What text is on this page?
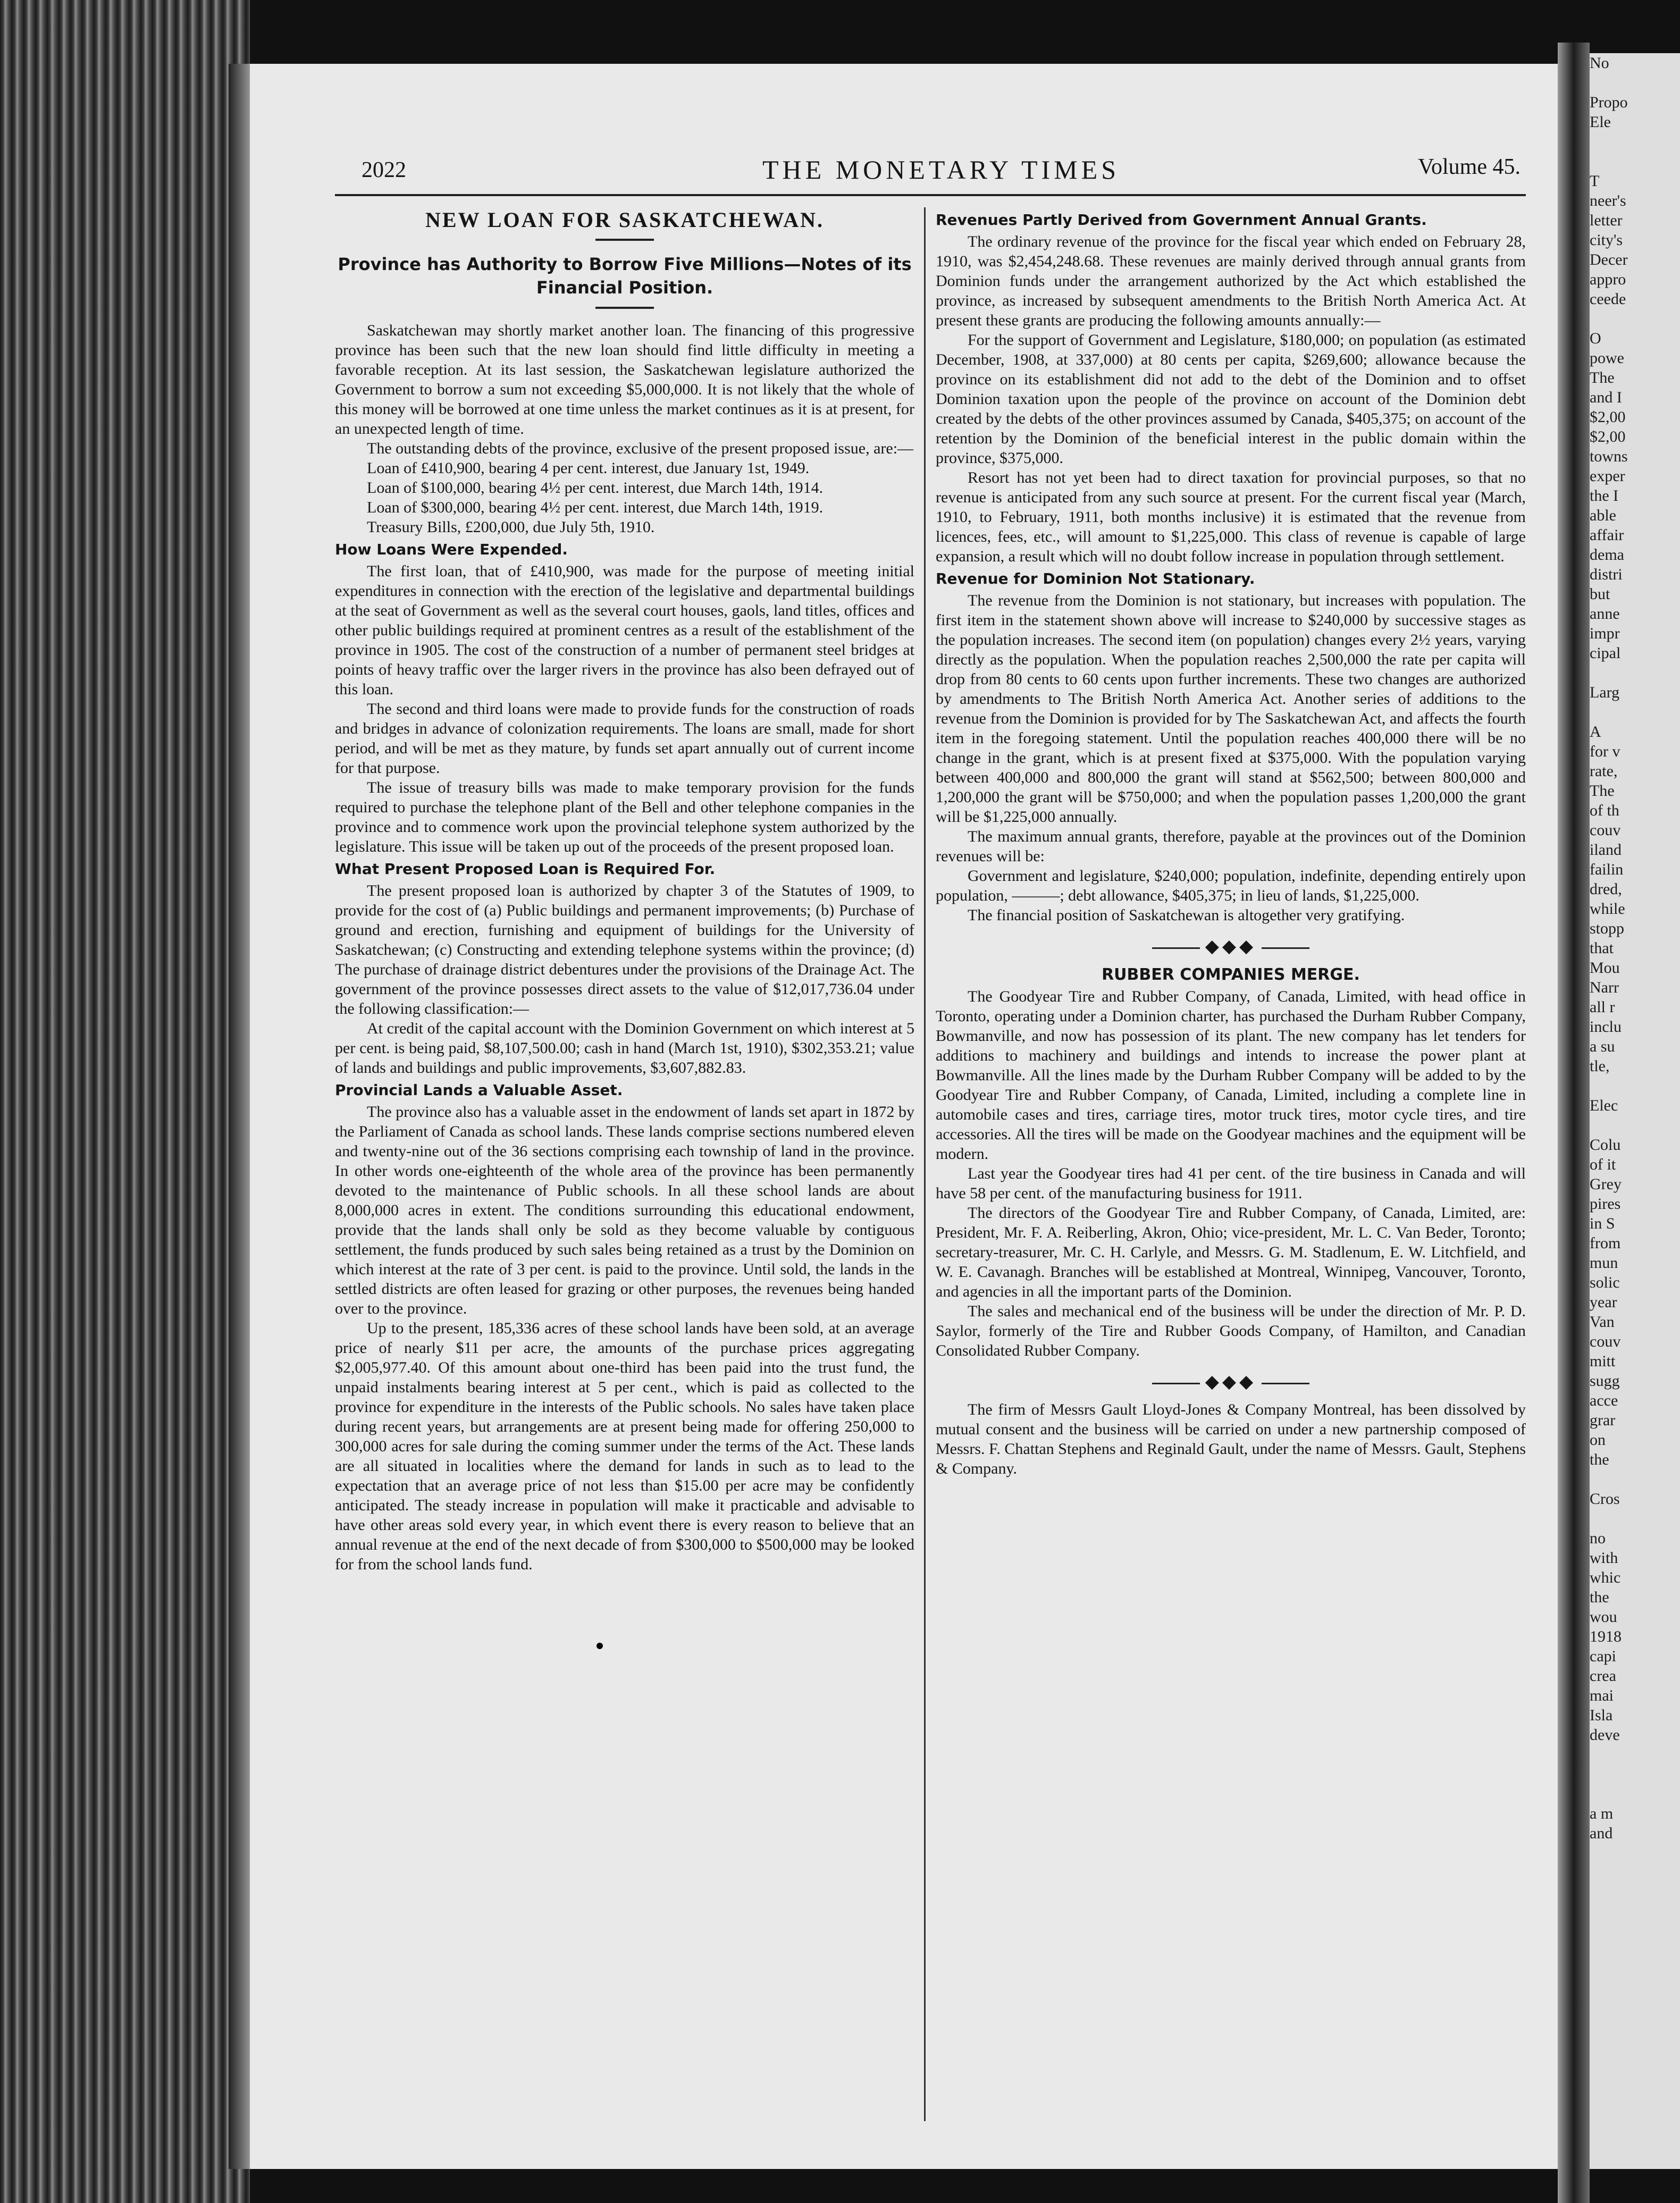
2022	THE MONETARY TIMES	Volume 45.
NEW LOAN FOR SASKATCHEWAN.
Province has Authority to Borrow Five Millions—Notes of its Financial Position.

Saskatchewan may shortly market another loan. The financing of this progressive province has been such that the new loan should find little difficulty in meeting a favorable reception. At its last session, the Saskatchewan legislature authorized the Government to borrow a sum not exceeding $5,000,000. It is not likely that the whole of this money will be borrowed at one time unless the market continues as it is at present, for an unexpected length of time.

The outstanding debts of the province, exclusive of the present proposed issue, are:—

Loan of £410,900, bearing 4 per cent. interest, due January 1st, 1949.

Loan of $100,000, bearing 4½ per cent. interest, due March 14th, 1914.

Loan of $300,000, bearing 4½ per cent. interest, due March 14th, 1919.

Treasury Bills, £200,000, due July 5th, 1910.

How Loans Were Expended.

The first loan, that of £410,900, was made for the purpose of meeting initial expenditures in connection with the erection of the legislative and departmental buildings at the seat of Government as well as the several court houses, gaols, land titles, offices and other public buildings required at prominent centres as a result of the establishment of the province in 1905. The cost of the construction of a number of permanent steel bridges at points of heavy traffic over the larger rivers in the province has also been defrayed out of this loan.

The second and third loans were made to provide funds for the construction of roads and bridges in advance of colonization requirements. The loans are small, made for short period, and will be met as they mature, by funds set apart annually out of current income for that purpose.

The issue of treasury bills was made to make temporary provision for the funds required to purchase the telephone plant of the Bell and other telephone companies in the province and to commence work upon the provincial telephone system authorized by the legislature. This issue will be taken up out of the proceeds of the present proposed loan.

What Present Proposed Loan is Required For.

The present proposed loan is authorized by chapter 3 of the Statutes of 1909, to provide for the cost of (a) Public buildings and permanent improvements; (b) Purchase of ground and erection, furnishing and equipment of buildings for the University of Saskatchewan; (c) Constructing and extending telephone systems within the province; (d) The purchase of drainage district debentures under the provisions of the Drainage Act. The government of the province possesses direct assets to the value of $12,017,736.04 under the following classification:—

At credit of the capital account with the Dominion Government on which interest at 5 per cent. is being paid, $8,107,500.00; cash in hand (March 1st, 1910), $302,353.21; value of lands and buildings and public improvements, $3,607,882.83.

Provincial Lands a Valuable Asset.

The province also has a valuable asset in the endowment of lands set apart in 1872 by the Parliament of Canada as school lands. These lands comprise sections numbered eleven and twenty-nine out of the 36 sections comprising each township of land in the province. In other words one-eighteenth of the whole area of the province has been permanently devoted to the maintenance of Public schools. In all these school lands are about 8,000,000 acres in extent. The conditions surrounding this educational endowment, provide that the lands shall only be sold as they become valuable by contiguous settlement, the funds produced by such sales being retained as a trust by the Dominion on which interest at the rate of 3 per cent. is paid to the province. Until sold, the lands in the settled districts are often leased for grazing or other purposes, the revenues being handed over to the province.

Up to the present, 185,336 acres of these school lands have been sold, at an average price of nearly $11 per acre, the amounts of the purchase prices aggregating $2,005,977.40. Of this amount about one-third has been paid into the trust fund, the unpaid instalments bearing interest at 5 per cent., which is paid as collected to the province for expenditure in the interests of the Public schools. No sales have taken place during recent years, but arrangements are at present being made for offering 250,000 to 300,000 acres for sale during the coming summer under the terms of the Act. These lands are all situated in localities where the demand for lands in such as to lead to the expectation that an average price of not less than $15.00 per acre may be confidently anticipated. The steady increase in population will make it practicable and advisable to have other areas sold every year, in which event there is every reason to believe that an annual revenue at the end of the next decade of from $300,000 to $500,000 may be looked for from the school lands fund.

Revenues Partly Derived from Government Annual Grants.

The ordinary revenue of the province for the fiscal year which ended on February 28, 1910, was $2,454,248.68. These revenues are mainly derived through annual grants from Dominion funds under the arrangement authorized by the Act which established the province, as increased by subsequent amendments to the British North America Act. At present these grants are producing the following amounts annually:—

For the support of Government and Legislature, $180,000; on population (as estimated December, 1908, at 337,000) at 80 cents per capita, $269,600; allowance because the province on its establishment did not add to the debt of the Dominion and to offset Dominion taxation upon the people of the province on account of the Dominion debt created by the debts of the other provinces assumed by Canada, $405,375; on account of the retention by the Dominion of the beneficial interest in the public domain within the province, $375,000.

Resort has not yet been had to direct taxation for provincial purposes, so that no revenue is anticipated from any such source at present. For the current fiscal year (March, 1910, to February, 1911, both months inclusive) it is estimated that the revenue from licences, fees, etc., will amount to $1,225,000. This class of revenue is capable of large expansion, a result which will no doubt follow increase in population through settlement.

Revenue for Dominion Not Stationary.

The revenue from the Dominion is not stationary, but increases with population. The first item in the statement shown above will increase to $240,000 by successive stages as the population increases. The second item (on population) changes every 2½ years, varying directly as the population. When the population reaches 2,500,000 the rate per capita will drop from 80 cents to 60 cents upon further increments. These two changes are authorized by amendments to The British North America Act. Another series of additions to the revenue from the Dominion is provided for by The Saskatchewan Act, and affects the fourth item in the foregoing statement. Until the population reaches 400,000 there will be no change in the grant, which is at present fixed at $375,000. With the population varying between 400,000 and 800,000 the grant will stand at $562,500; between 800,000 and 1,200,000 the grant will be $750,000; and when the population passes 1,200,000 the grant will be $1,225,000 annually.

The maximum annual grants, therefore, payable at the provinces out of the Dominion revenues will be:

Government and legislature, $240,000; population, indefinite, depending entirely upon population, ———; debt allowance, $405,375; in lieu of lands, $1,225,000.

The financial position of Saskatchewan is altogether very gratifying.

◆◆◆
RUBBER COMPANIES MERGE.

The Goodyear Tire and Rubber Company, of Canada, Limited, with head office in Toronto, operating under a Dominion charter, has purchased the Durham Rubber Company, Bowmanville, and now has possession of its plant. The new company has let tenders for additions to machinery and buildings and intends to increase the power plant at Bowmanville. All the lines made by the Durham Rubber Company will be added to by the Goodyear Tire and Rubber Company, of Canada, Limited, including a complete line in automobile cases and tires, carriage tires, motor truck tires, motor cycle tires, and tire accessories. All the tires will be made on the Goodyear machines and the equipment will be modern.

Last year the Goodyear tires had 41 per cent. of the tire business in Canada and will have 58 per cent. of the manufacturing business for 1911.

The directors of the Goodyear Tire and Rubber Company, of Canada, Limited, are: President, Mr. F. A. Reiberling, Akron, Ohio; vice-president, Mr. L. C. Van Beder, Toronto; secretary-treasurer, Mr. C. H. Carlyle, and Messrs. G. M. Stadlenum, E. W. Litchfield, and W. E. Cavanagh. Branches will be established at Montreal, Winnipeg, Vancouver, Toronto, and agencies in all the important parts of the Dominion.

The sales and mechanical end of the business will be under the direction of Mr. P. D. Saylor, formerly of the Tire and Rubber Goods Company, of Hamilton, and Canadian Consolidated Rubber Company.

◆◆◆

The firm of Messrs Gault Lloyd-Jones & Company Montreal, has been dissolved by mutual consent and the business will be carried on under a new partnership composed of Messrs. F. Chattan Stephens and Reginald Gault, under the name of Messrs. Gault, Stephens & Company.

No

Propo
Ele

T
neer's
letter
city's
Decer
appro
ceede

O
powe
The
and I
$2,00
$2,00
towns
exper
the I
able
affair
dema
distri
but
anne
impr
cipal

Larg

A
for v
rate,
The
of th
couv
iland
failin
dred,
while
stopp
that
Mou
Narr
all r
inclu
a su
tle,

Elec

Colu
of it
Grey
pires
in S
from
mun
solic
year
Van
couv
mitt
sugg
acce
grar
on
the

Cros

no
with
whic
the
wou
1918
capi
crea
mai
Isla
deve

a m
and
